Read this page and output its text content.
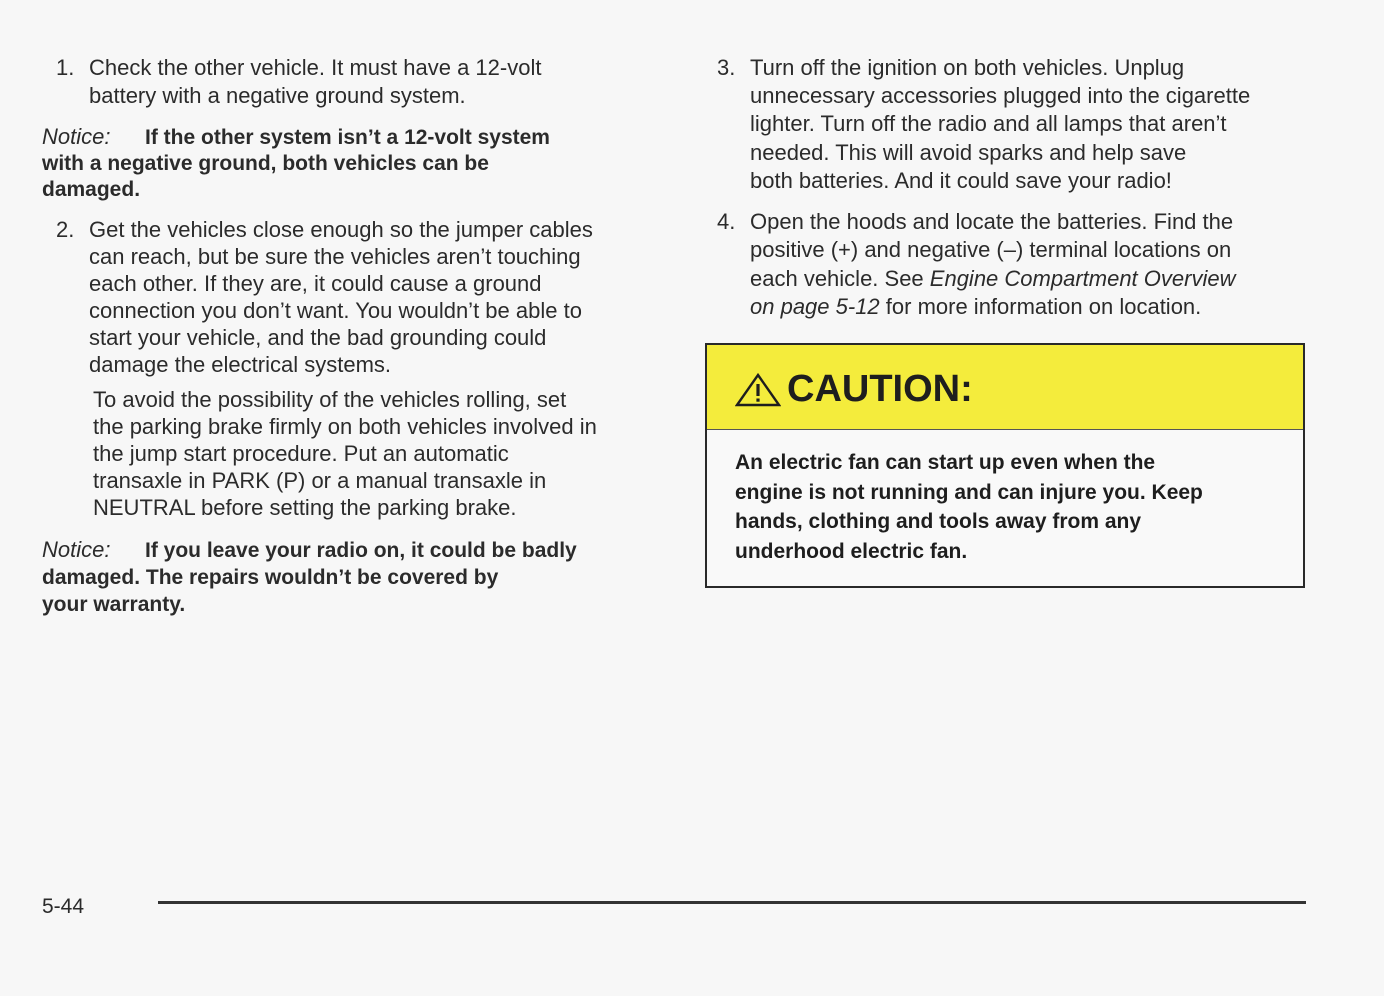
1. Check the other vehicle. It must have a 12-volt
battery with a negative ground system.
Notice: If the other system isn’t a 12-volt system
with a negative ground, both vehicles can be
damaged.
2. Get the vehicles close enough so the jumper cables
can reach, but be sure the vehicles aren’t touching
each other. If they are, it could cause a ground
connection you don’t want. You wouldn’t be able to
start your vehicle, and the bad grounding could
damage the electrical systems.
To avoid the possibility of the vehicles rolling, set
the parking brake firmly on both vehicles involved in
the jump start procedure. Put an automatic
transaxle in PARK (P) or a manual transaxle in
NEUTRAL before setting the parking brake.
Notice: If you leave your radio on, it could be badly
damaged. The repairs wouldn’t be covered by
your warranty.
3. Turn off the ignition on both vehicles. Unplug
unnecessary accessories plugged into the cigarette
lighter. Turn off the radio and all lamps that aren’t
needed. This will avoid sparks and help save
both batteries. And it could save your radio!
4. Open the hoods and locate the batteries. Find the
positive (+) and negative (–) terminal locations on
each vehicle. See Engine Compartment Overview
on page 5-12 for more information on location.
CAUTION:
An electric fan can start up even when the
engine is not running and can injure you. Keep
hands, clothing and tools away from any
underhood electric fan.
5-44
